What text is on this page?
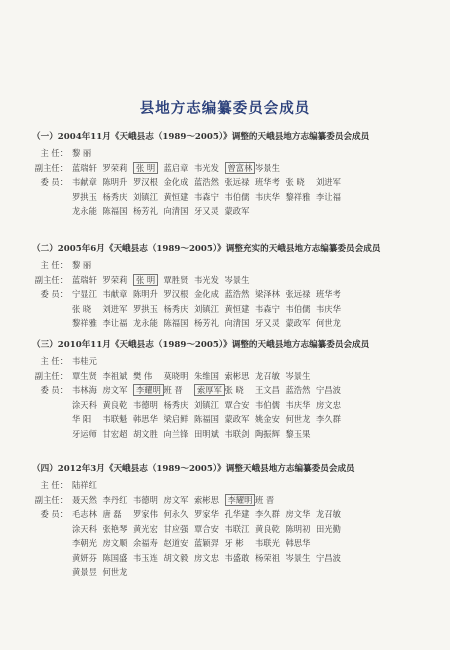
县地方志编纂委员会成员
（一）2004年11月《天峨县志（1989～2005）》调整的天峨县地方志编纂委员会成员
主 任： 黎 丽
副主任： 蓝瑞轩 罗荣莉	张 明 蓝启章 韦光发	曾富林 岑景生
委 员： 韦献章 陈明升 罗汉根 金化成 蓝浩然 张远禄 班华考 张 晓	刘进军
罗拱玉 杨秀庆 刘镇江 黄恒建 韦森宁 韦伯儒 韦庆华 黎祥雅 李让福
龙永能 陈福国 杨芳礼 向清国 牙又灵 蒙政军
（二）2005年6月《天峨县志（1989～2005）》调整充实的天峨县地方志编纂委员会成员
主 任： 黎 丽
副主任： 蓝瑞轩 罗荣莉	张 明 覃胜贤 韦光发 岑景生
委 员： 宁显江 韦献章 陈明升 罗汉根 金化成 蓝浩然 梁泽林 张远禄 班华考
张 晓	刘进军 罗拱玉 杨秀庆 刘镇江 黄恒建 韦森宁 韦伯儒 韦庆华
黎祥雅 李让福 龙永能 陈福国 杨芳礼 向清国 牙又灵 蒙政军 何世龙
（三）2010年11月《天峨县志（1989～2005）》调整的天峨县地方志编纂委员会成员
主 任： 韦桂元
副主任： 覃生贤 李祖斌 樊 伟	莫晓明 朱维国 索彬思 龙召敏 岑景生
委 员： 韦林海 房文军	李耀明 班 晋	索厚军 张 晓	王文昌 蓝浩然 宁昌波
涂天科 黄良乾 韦德明 杨秀庆 刘镇江 覃合安 韦伯儒 韦庆华 房文忠
华 阳	韦联魁 韩思华 梁启鲜 陈福国 蒙政军 姚金安 何世龙 李久群
牙运师 甘宏超 胡文胜 向兰锋 田明斌 韦联剑 陶振辉 黎玉果
（四）2012年3月《天峨县志（1989～2005）》调整天峨县地方志编纂委员会成员
主 任： 陆祥红
副主任： 聂天然 李丹红 韦德明 房文军 索彬思	李耀明 班 晋
委 员： 毛志林 唐 磊	罗家伟 何永久 罗家华 孔华建 李久群 房文华 龙召敏
涂天科 张艳琴 黄光宏 甘应强 覃合安 韦联江 黄良乾 陈明初 田光勤
李朝光 房文顺 余福寿 赵道安 蓝颖羿 牙 彬	韦联光 韩思华
黄妍芬 陈国盛 韦玉连 胡文毅 房文忠 韦盛敢 杨荣祖 岑景生 宁昌波
黄景昱 何世龙
